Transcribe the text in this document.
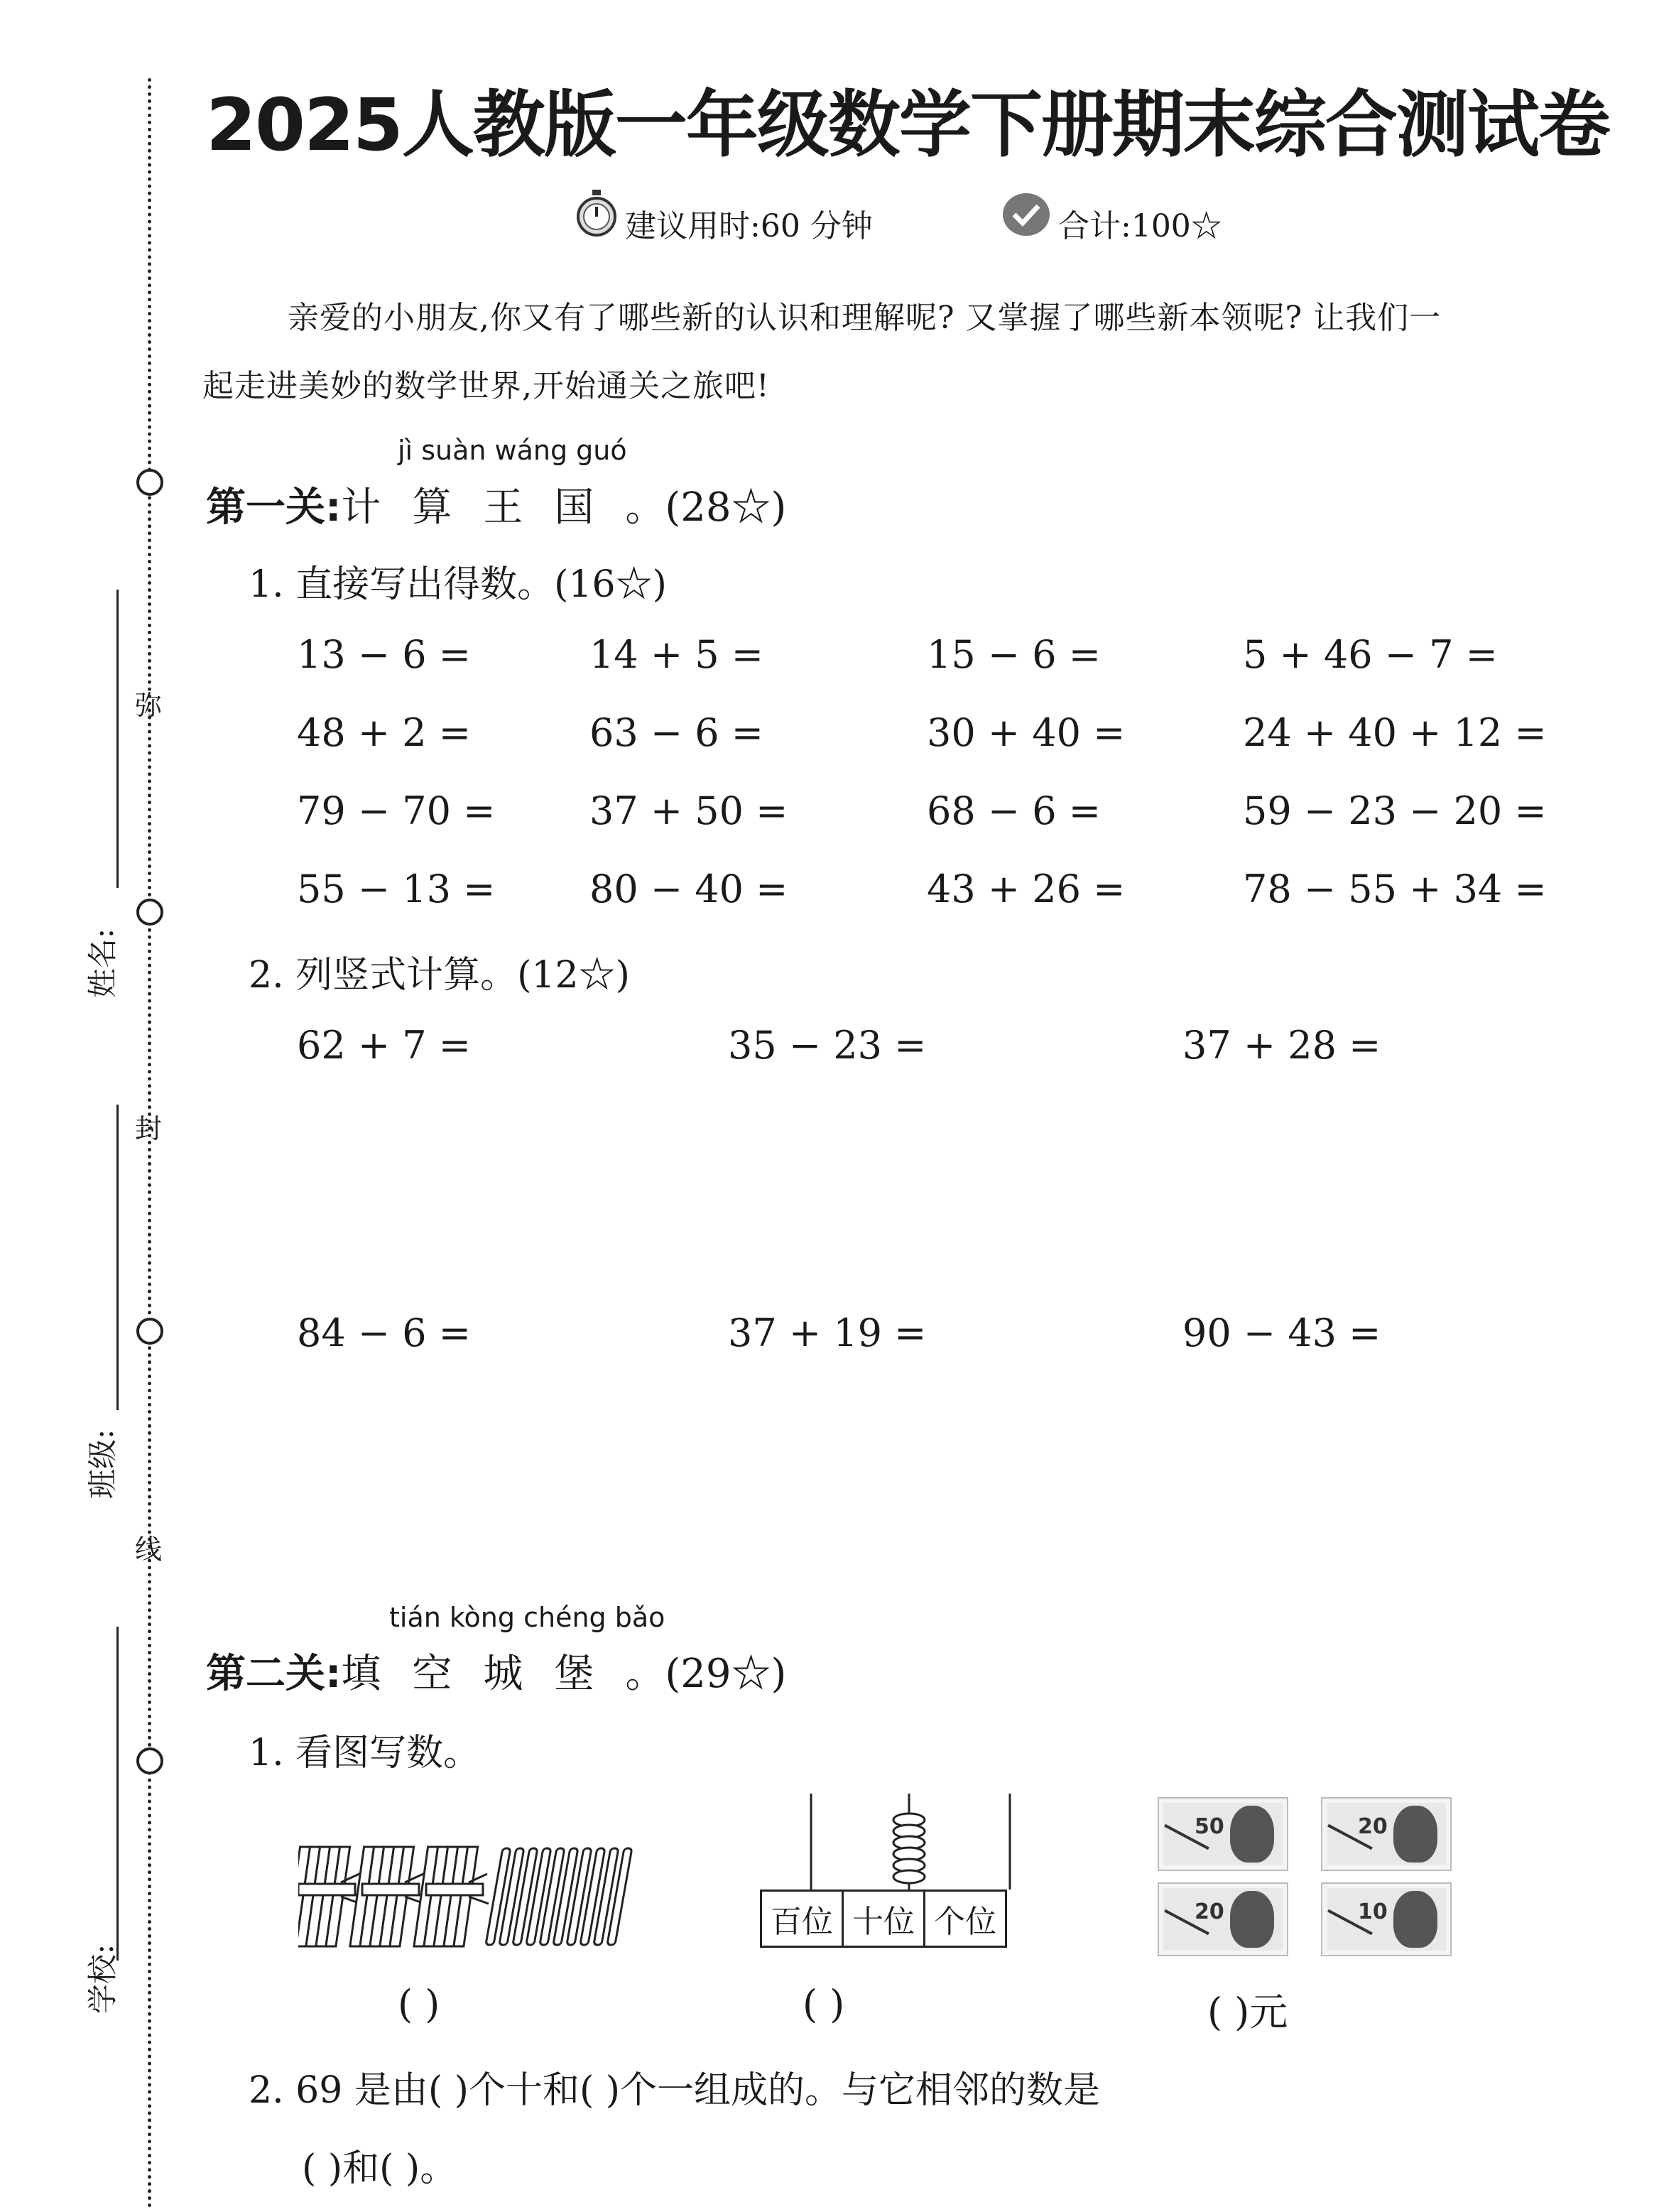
弥
封
线
姓名:
班级:
学校:
2025人教版一年级数学下册期末综合测试卷
建议用时:60 分钟	合计:100☆
亲爱的小朋友,你又有了哪些新的认识和理解呢? 又掌握了哪些新本领呢? 让我们一
起走进美妙的数学世界,开始通关之旅吧!
jì suàn wáng guó
第一关:计算王国。(28☆)
1. 直接写出得数。(16☆)
13 − 6 =	14 + 5 =	15 − 6 =	5 + 46 − 7 =
48 + 2 =	63 − 6 =	30 + 40 =	24 + 40 + 12 =
79 − 70 = 37 + 50 =	68 − 6 =	59 − 23 − 20 =
55 − 13 = 80 − 40 =	43 + 26 =	78 − 55 + 34 =
2. 列竖式计算。(12☆)
62 + 7 =	35 − 23 =	37 + 28 =
84 − 6 =	37 + 19 =	90 − 43 =
tián kòng chéng bǎo
第二关:填空城堡。(29☆)
1. 看图写数。
百位 十位 个位
50	20
20	10
( )	( )	( )元
2. 69 是由( )个十和( )个一组成的。与它相邻的数是
( )和( )。
